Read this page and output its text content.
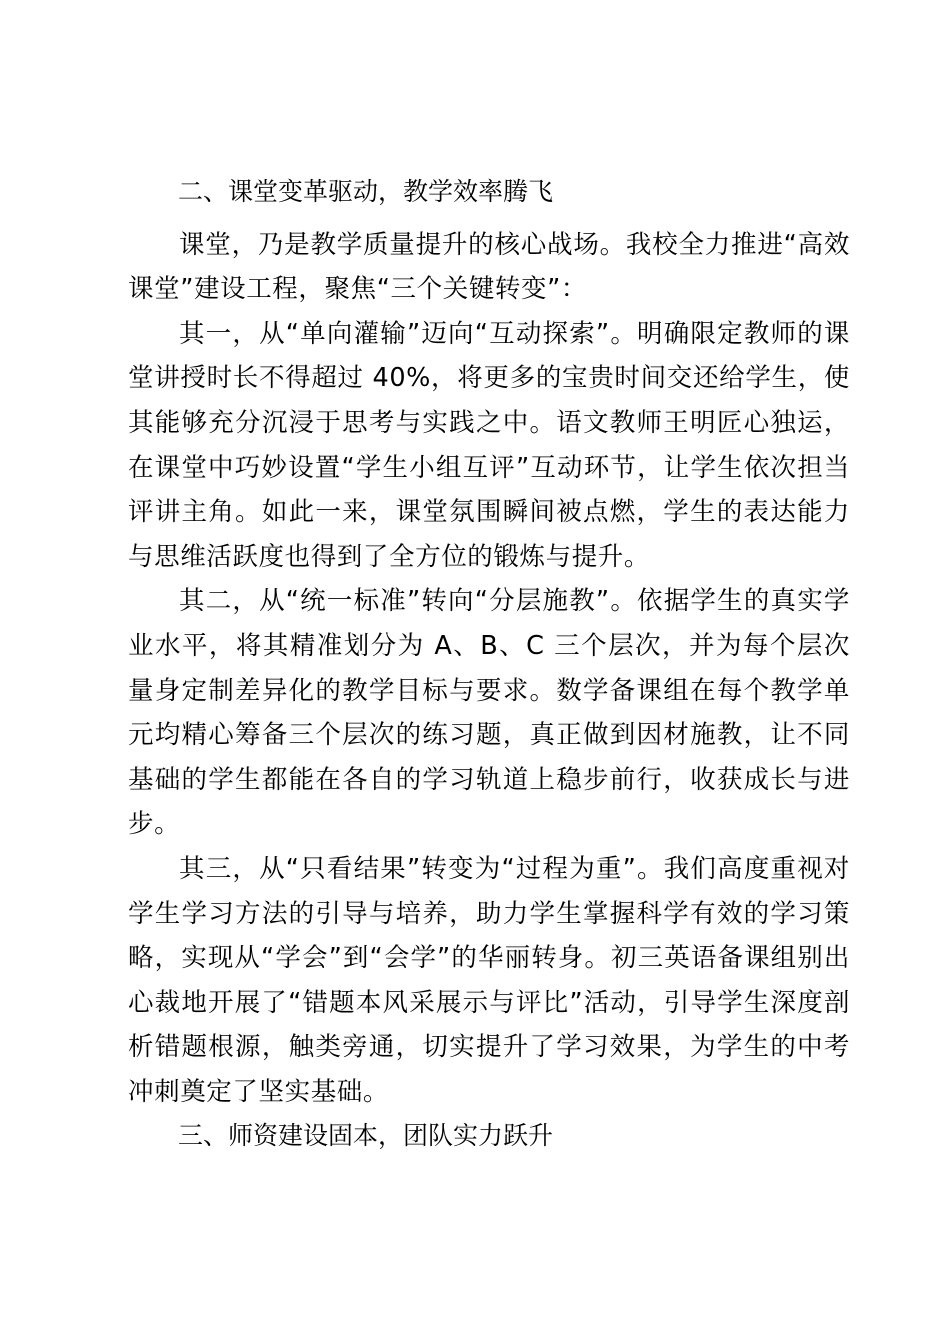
二、课堂变革驱动，教学效率腾飞

课堂，乃是教学质量提升的核心战场。我校全力推进“高效课堂”建设工程，聚焦“三个关键转变”：

其一，从“单向灌输”迈向“互动探索”。明确限定教师的课堂讲授时长不得超过 40%，将更多的宝贵时间交还给学生，使其能够充分沉浸于思考与实践之中。语文教师王明匠心独运，在课堂中巧妙设置“学生小组互评”互动环节，让学生依次担当评讲主角。如此一来，课堂氛围瞬间被点燃，学生的表达能力与思维活跃度也得到了全方位的锻炼与提升。

其二，从“统一标准”转向“分层施教”。依据学生的真实学业水平，将其精准划分为 A、B、C 三个层次，并为每个层次量身定制差异化的教学目标与要求。数学备课组在每个教学单元均精心筹备三个层次的练习题，真正做到因材施教，让不同基础的学生都能在各自的学习轨道上稳步前行，收获成长与进步。

其三，从“只看结果”转变为“过程为重”。我们高度重视对学生学习方法的引导与培养，助力学生掌握科学有效的学习策略，实现从“学会”到“会学”的华丽转身。初三英语备课组别出心裁地开展了“错题本风采展示与评比”活动，引导学生深度剖析错题根源，触类旁通，切实提升了学习效果，为学生的中考冲刺奠定了坚实基础。

三、师资建设固本，团队实力跃升
